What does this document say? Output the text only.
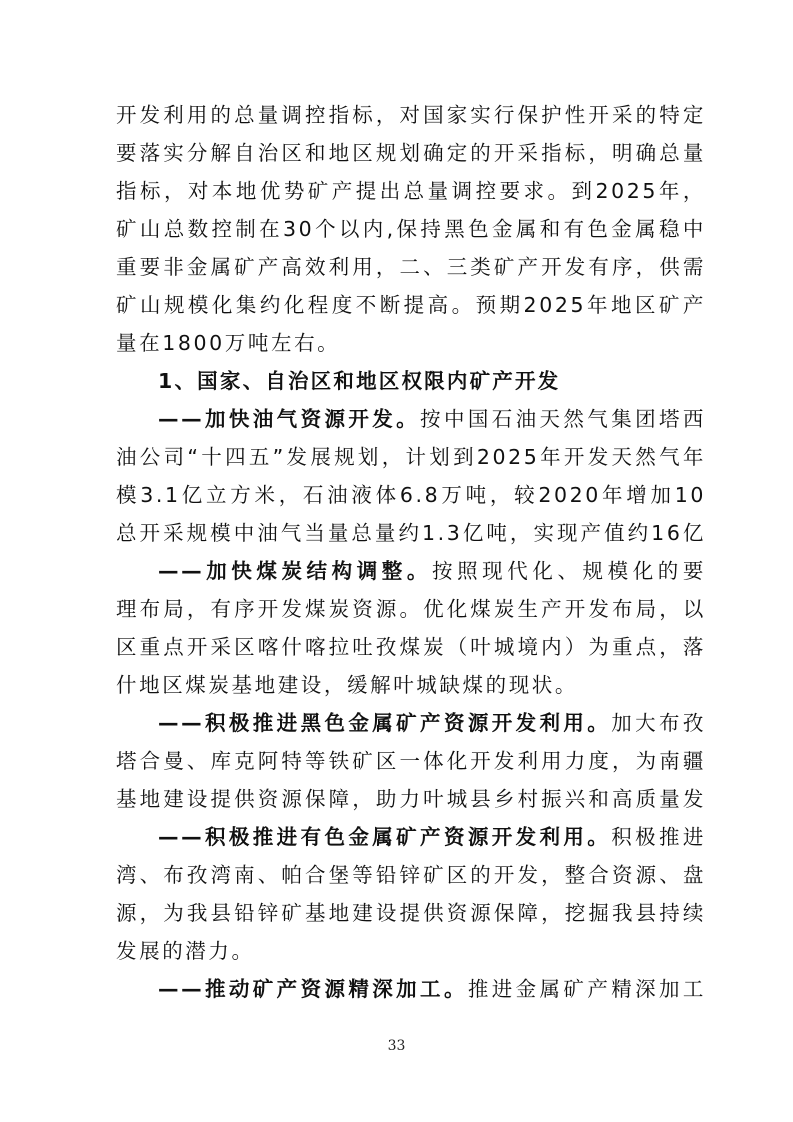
开发利用的总量调控指标，对国家实行保护性开采的特定

要落实分解自治区和地区规划确定的开采指标，明确总量

指标，对本地优势矿产提出总量调控要求。到2025年，

矿山总数控制在30个以内,保持黑色金属和有色金属稳中

重要非金属矿产高效利用，二、三类矿产开发有序，供需

矿山规模化集约化程度不断提高。预期2025年地区矿产

量在1800万吨左右。

1、国家、自治区和地区权限内矿产开发

——加快油气资源开发。按中国石油天然气集团塔西

油公司“十四五”发展规划，计划到2025年开发天然气年

模3.1亿立方米，石油液体6.8万吨，较2020年增加10

总开采规模中油气当量总量约1.3亿吨，实现产值约16亿

——加快煤炭结构调整。按照现代化、规模化的要

理布局，有序开发煤炭资源。优化煤炭生产开发布局，以

区重点开采区喀什喀拉吐孜煤炭（叶城境内）为重点，落

什地区煤炭基地建设，缓解叶城缺煤的现状。

——积极推进黑色金属矿产资源开发利用。加大布孜

塔合曼、库克阿特等铁矿区一体化开发利用力度，为南疆

基地建设提供资源保障，助力叶城县乡村振兴和高质量发

——积极推进有色金属矿产资源开发利用。积极推进

湾、布孜湾南、帕合堡等铅锌矿区的开发，整合资源、盘

源，为我县铅锌矿基地建设提供资源保障，挖掘我县持续

发展的潜力。

——推动矿产资源精深加工。推进金属矿产精深加工

33
